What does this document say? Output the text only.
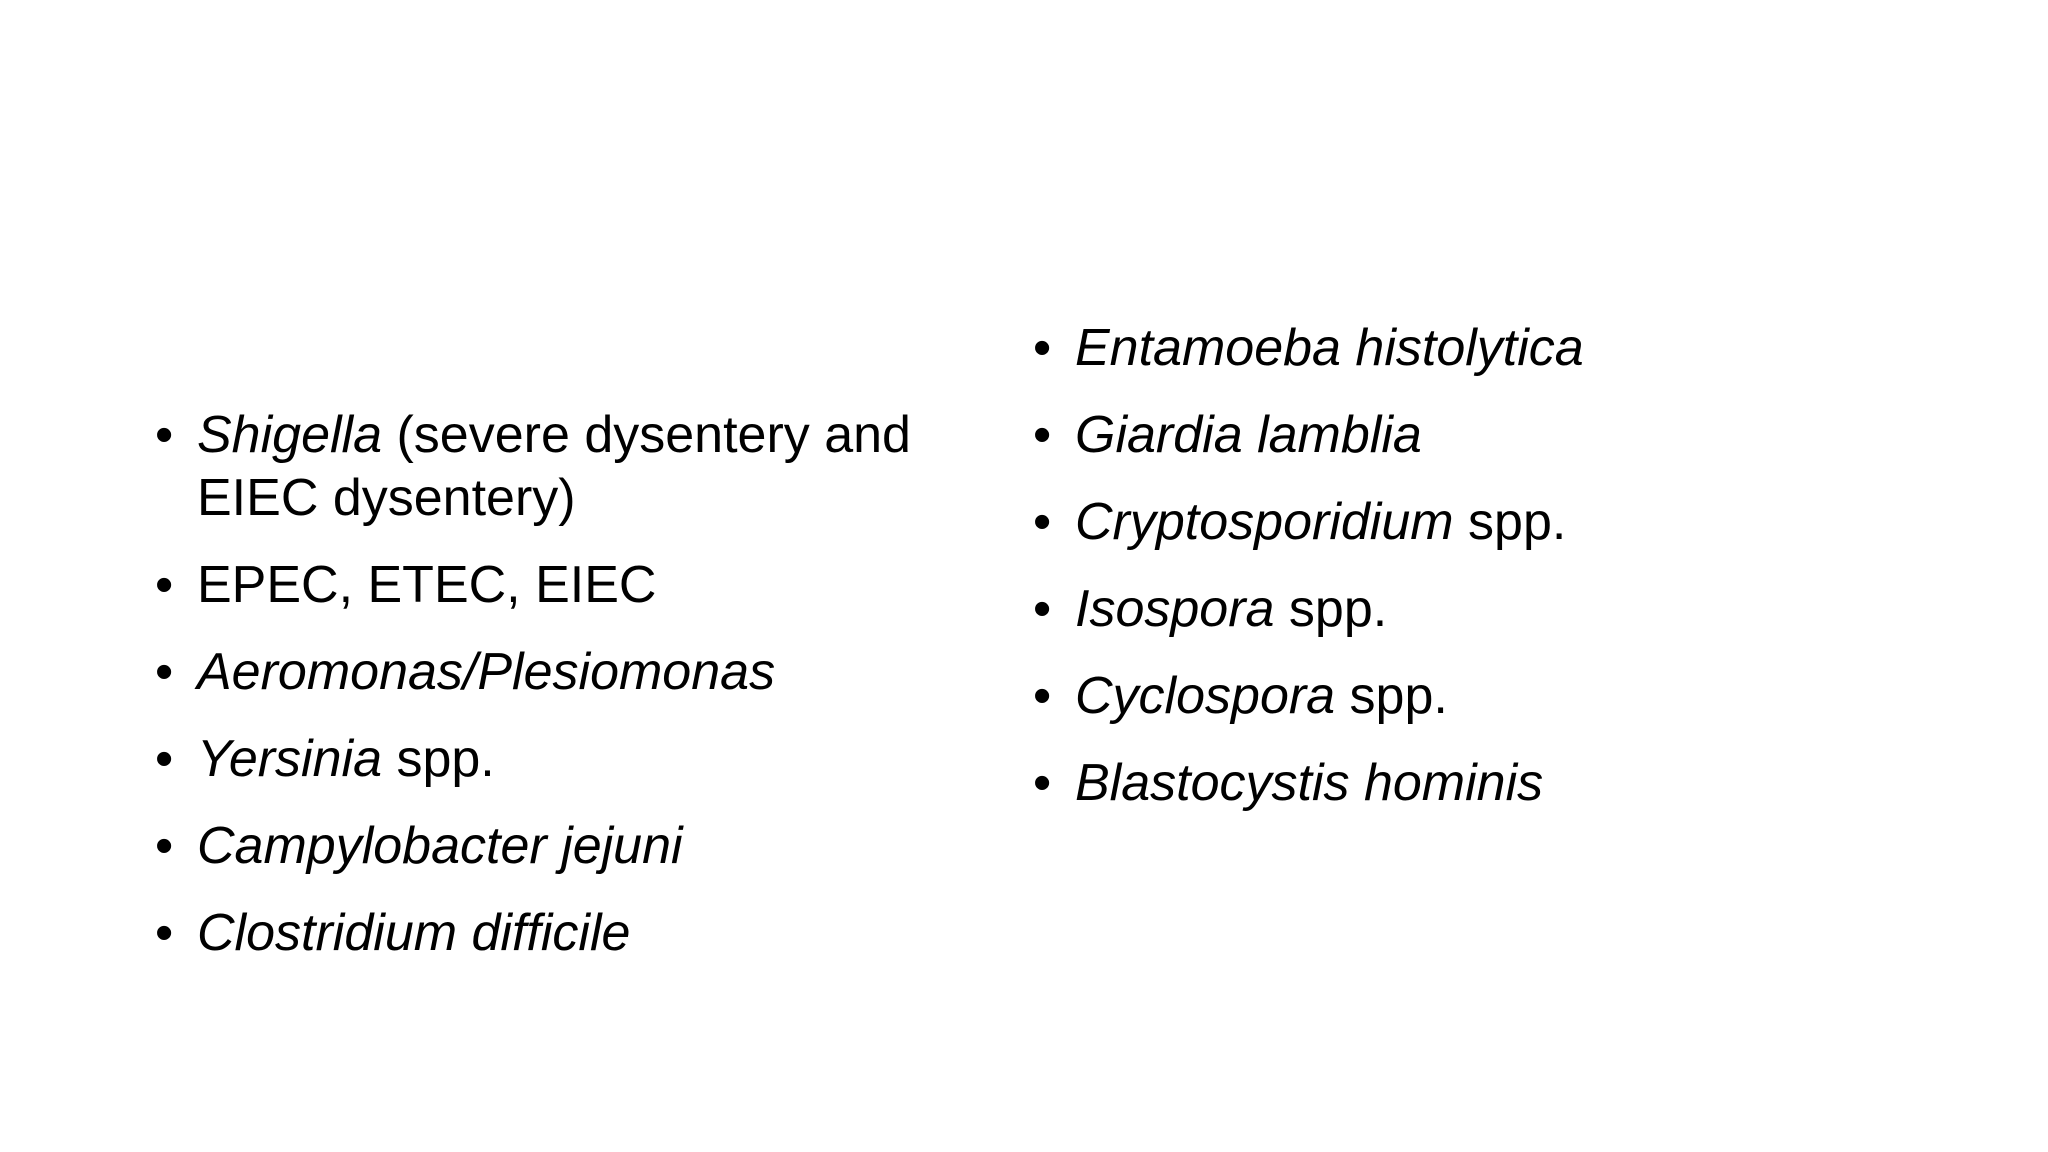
• Shigella (severe dysentery and EIEC dysentery)
• EPEC, ETEC, EIEC
• Aeromonas/Plesiomonas
• Yersinia spp.
• Campylobacter jejuni
• Clostridium difficile
• Entamoeba histolytica
• Giardia lamblia
• Cryptosporidium spp.
• Isospora spp.
• Cyclospora spp.
• Blastocystis hominis
